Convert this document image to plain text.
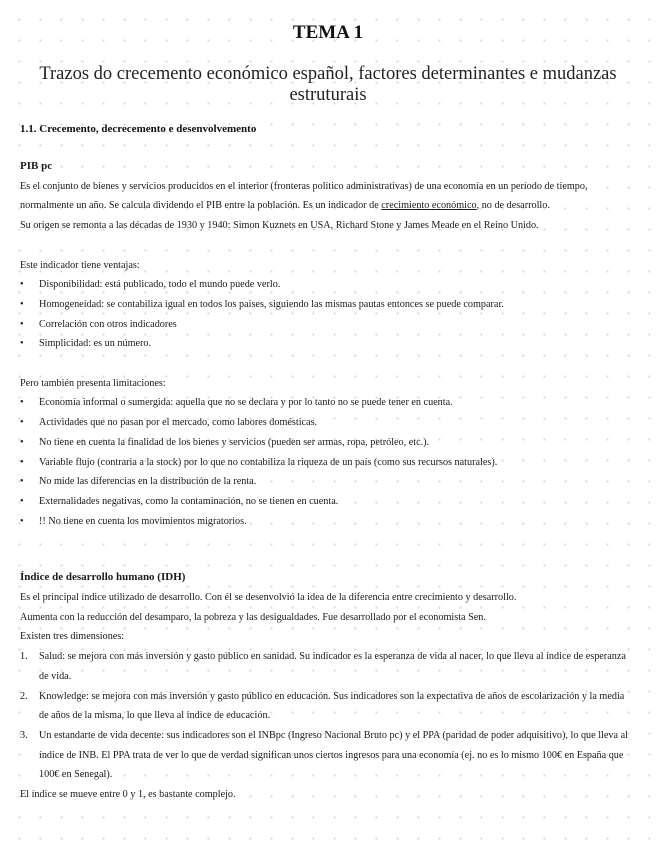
TEMA 1
Trazos do crecemento económico español, factores determinantes e mudanzas estruturais
1.1. Crecemento, decrecemento e desenvolvemento

PIB pc

Es el conjunto de bienes y servicios producidos en el interior (fronteras político administrativas) de una economía en un período de tiempo, normalmente un año. Se calcula dividendo el PIB entre la población. Es un indicador de crecimiento económico, no de desarrollo.

Su origen se remonta a las décadas de 1930 y 1940: Simon Kuznets en USA, Richard Stone y James Meade en el Reino Unido.

Este indicador tiene ventajas:

• Disponibilidad: está publicado, todo el mundo puede verlo.
• Homogeneidad: se contabiliza igual en todos los países, siguiendo las mismas pautas entonces se puede comparar.
• Correlación con otros indicadores
• Simplicidad: es un número.

Pero también presenta limitaciones:

• Economía informal o sumergida: aquella que no se declara y por lo tanto no se puede tener en cuenta.
• Actividades que no pasan por el mercado, como labores domésticas.
• No tiene en cuenta la finalidad de los bienes y servicios (pueden ser armas, ropa, petróleo, etc.).
• Variable flujo (contraria a la stock) por lo que no contabiliza la riqueza de un país (como sus recursos naturales).
• No mide las diferencias en la distribución de la renta.
• Externalidades negativas, como la contaminación, no se tienen en cuenta.
• !! No tiene en cuenta los movimientos migratorios.

Índice de desarrollo humano (IDH)

Es el principal índice utilizado de desarrollo. Con él se desenvolvió la idea de la diferencia entre crecimiento y desarrollo.

Aumenta con la reducción del desamparo, la pobreza y las desigualdades. Fue desarrollado por el economista Sen.

Existen tres dimensiones:

1. Salud: se mejora con más inversión y gasto público en sanidad. Su indicador es la esperanza de vida al nacer, lo que lleva al índice de esperanza de vida.
2. Knowledge: se mejora con más inversión y gasto público en educación. Sus indicadores son la expectativa de años de escolarización y la media de años de la misma, lo que lleva al índice de educación.
3. Un estandarte de vida decente: sus indicadores son el INBpc (Ingreso Nacional Bruto pc) y el PPA (paridad de poder adquisitivo), lo que lleva al índice de INB. El PPA trata de ver lo que de verdad significan unos ciertos ingresos para una economía (ej. no es lo mismo 100€ en España que 100€ en Senegal).

El índice se mueve entre 0 y 1, es bastante complejo.
